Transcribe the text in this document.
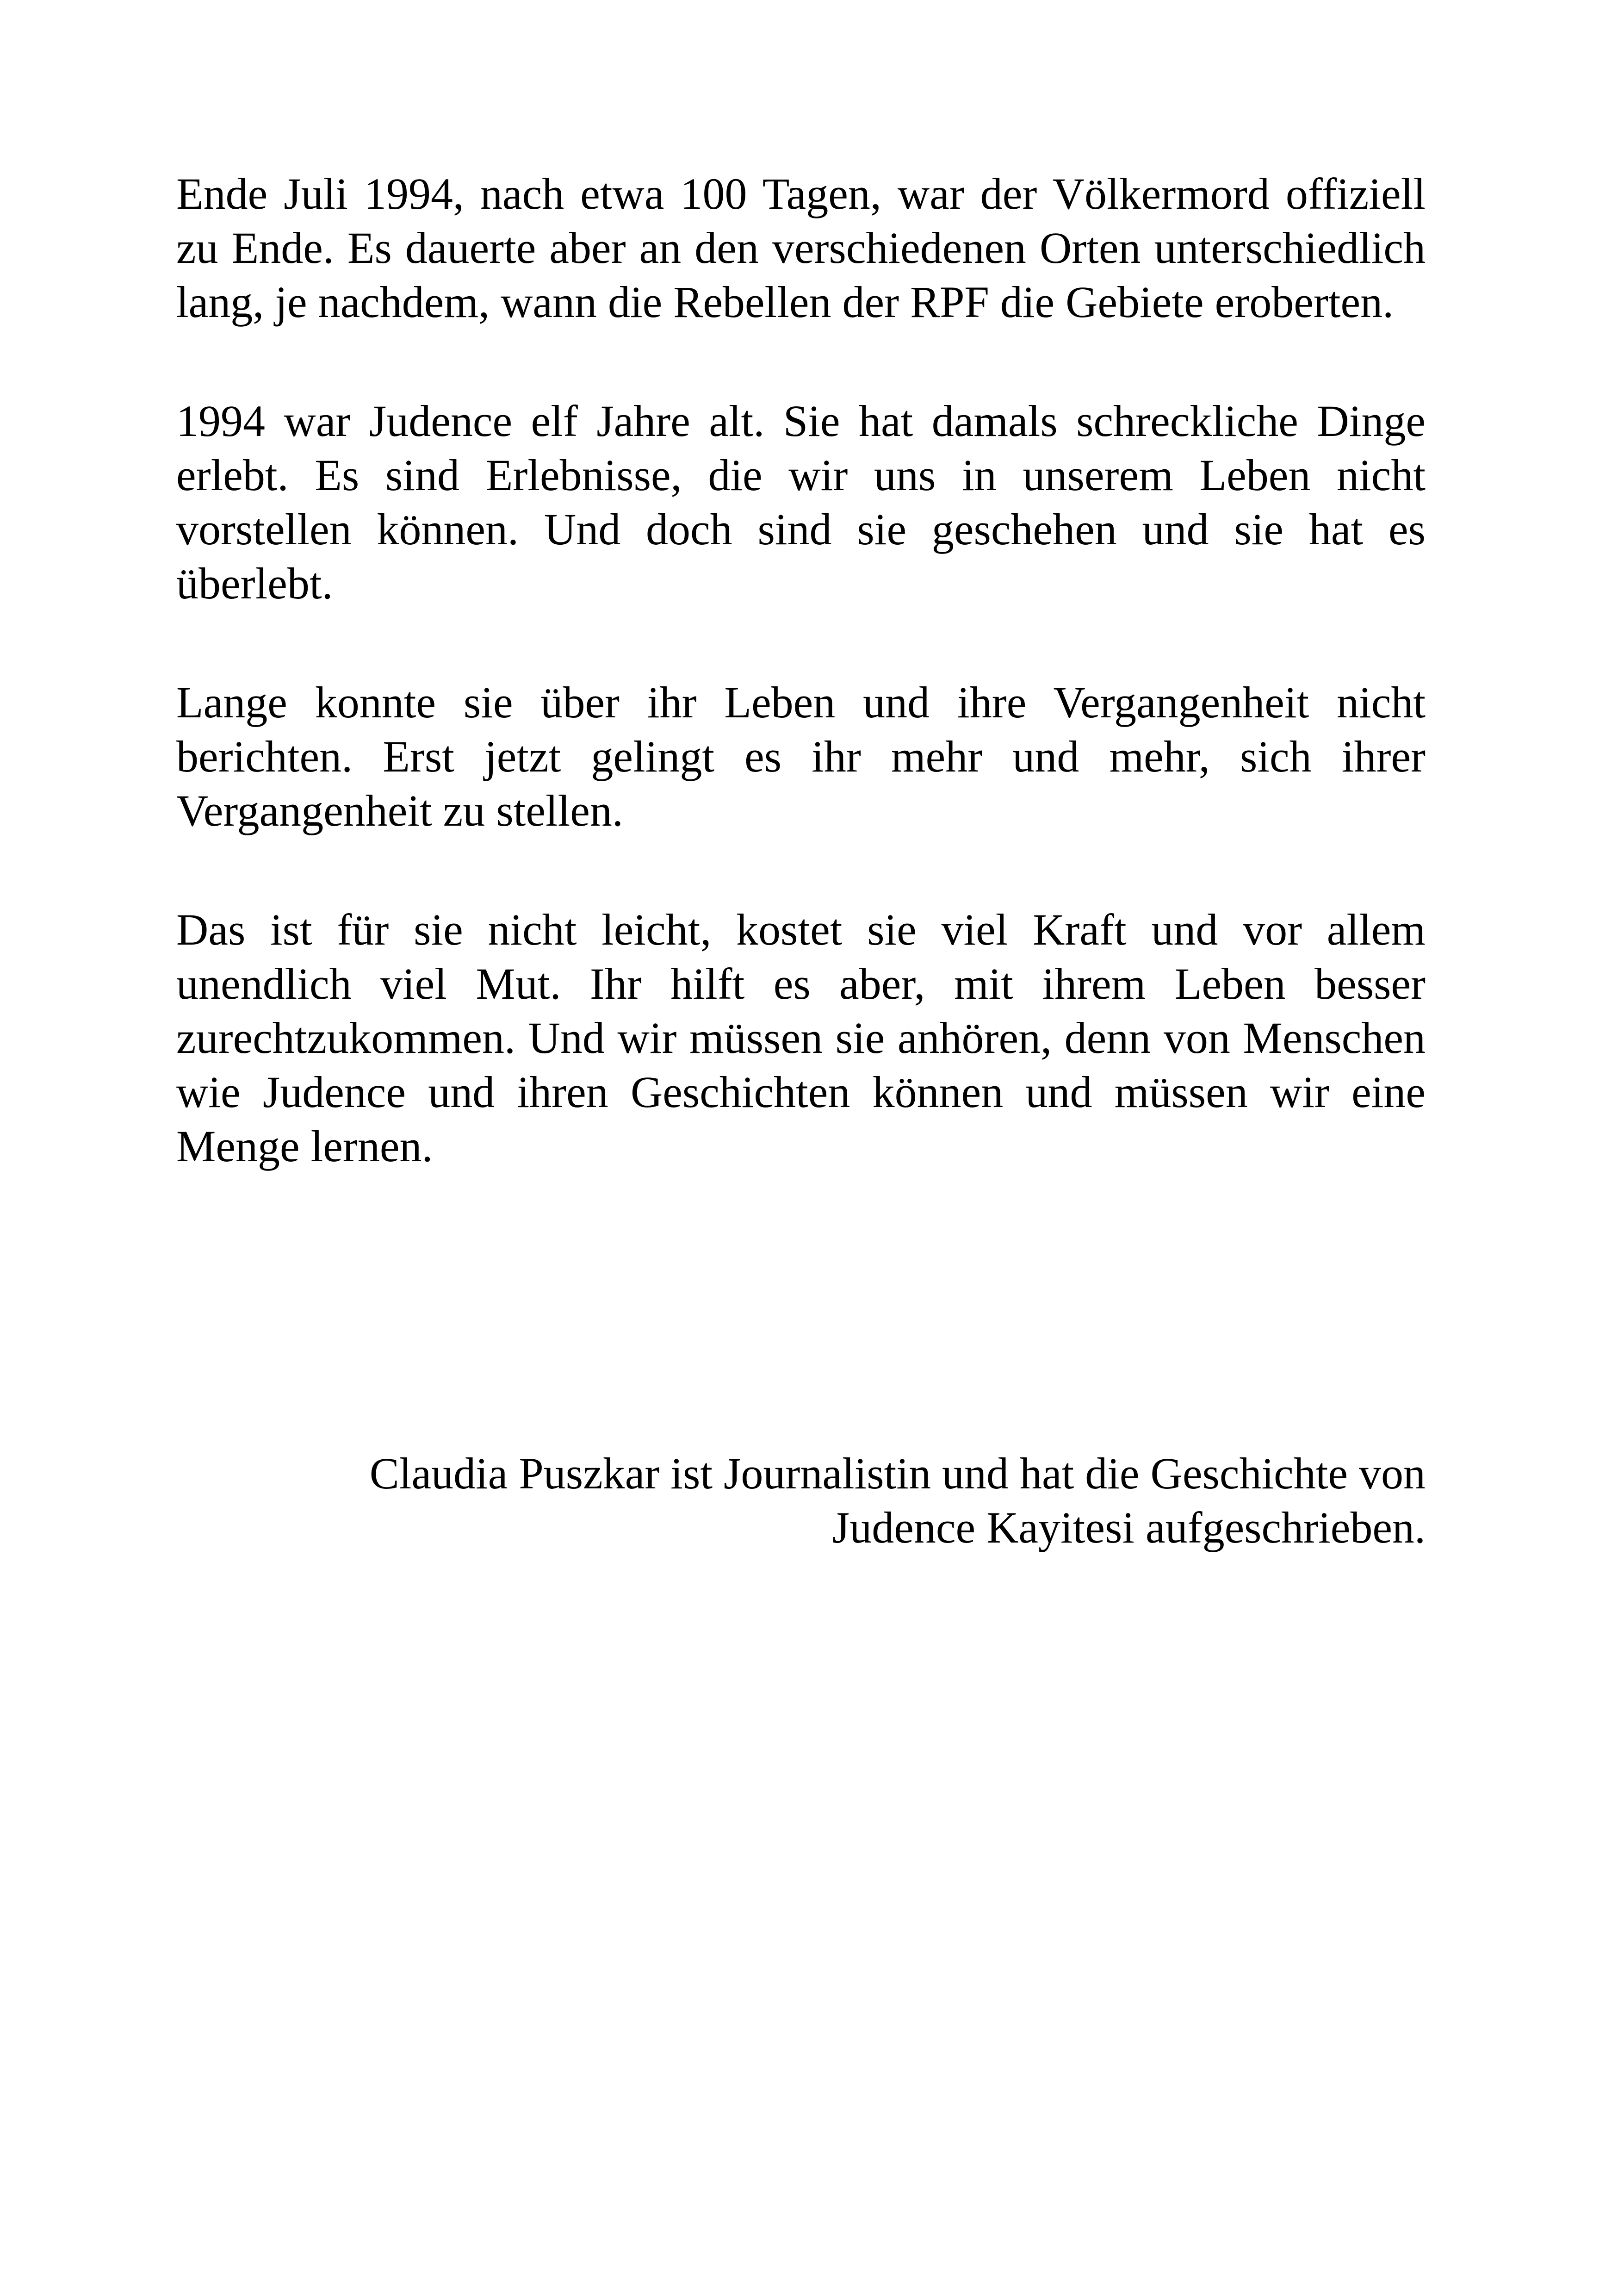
Ende Juli 1994, nach etwa 100 Tagen, war der Völkermord offiziell zu Ende. Es dauerte aber an den verschiedenen Orten unterschiedlich lang, je nachdem, wann die Rebellen der RPF die Gebiete eroberten.

1994 war Judence elf Jahre alt. Sie hat damals schreckliche Dinge erlebt. Es sind Erlebnisse, die wir uns in unserem Leben nicht vorstellen können. Und doch sind sie geschehen und sie hat es überlebt.

Lange konnte sie über ihr Leben und ihre Vergangenheit nicht berichten. Erst jetzt gelingt es ihr mehr und mehr, sich ihrer Vergangenheit zu stellen.

Das ist für sie nicht leicht, kostet sie viel Kraft und vor allem unendlich viel Mut. Ihr hilft es aber, mit ihrem Leben besser zurechtzukommen. Und wir müssen sie anhören, denn von Menschen wie Judence und ihren Geschichten können und müssen wir eine Menge lernen.

Claudia Puszkar ist Journalistin und hat die Geschichte von
Judence Kayitesi aufgeschrieben.
